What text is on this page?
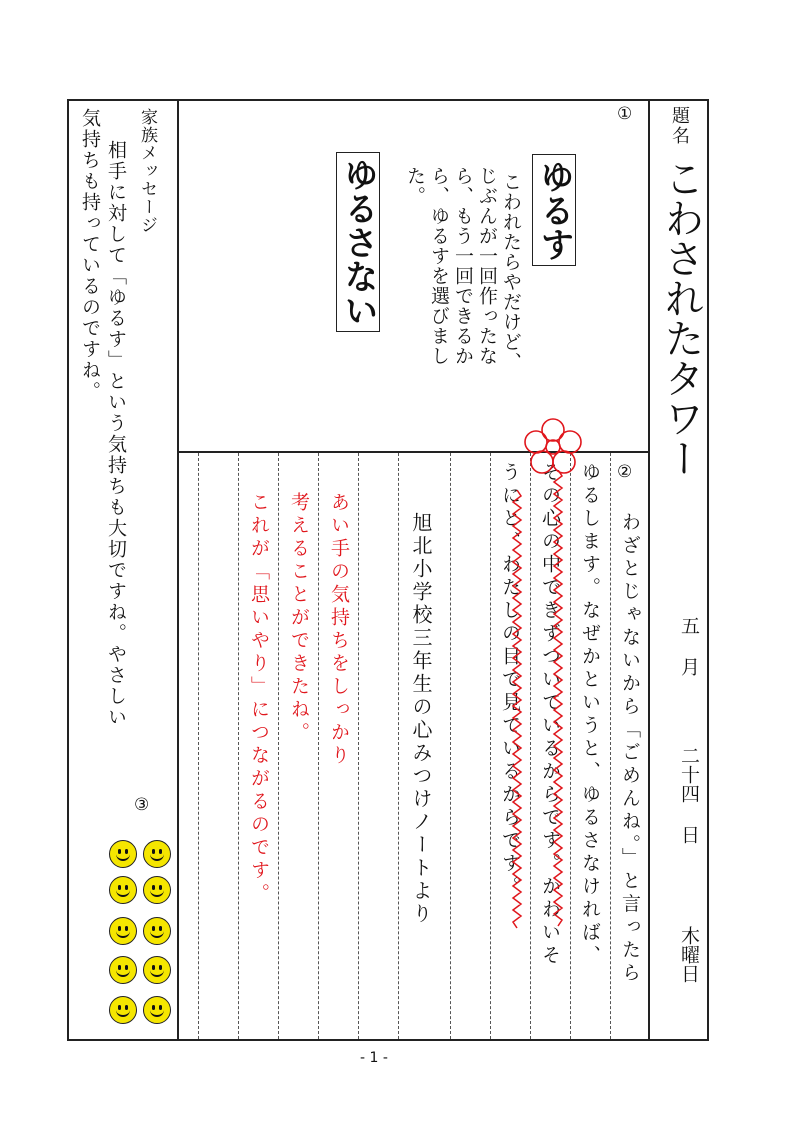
題名
こわされたタワー
五 月
二十四 日
木曜日
①
ゆるす
こわれたらやだけど、
じぶんが一回作ったな
ら、もう一回できるか
ら、ゆるすを選びまし
た。
ゆるさない
②
わざとじゃないから「ごめんね。」と言ったら
ゆるします。なぜかというと、ゆるさなければ、
その心の中できずついているからです。かわいそ
うにと、わたしの目で見ているからです。
旭北小学校三年生の心みつけノートより
あい手の気持ちをしっかり
考えることができたね。
これが「思いやり」につながるのです。
家族メッセージ
相手に対して「ゆるす」という気持ちも大切ですね。やさしい
気持ちも持っているのですね。
③
- 1 -
